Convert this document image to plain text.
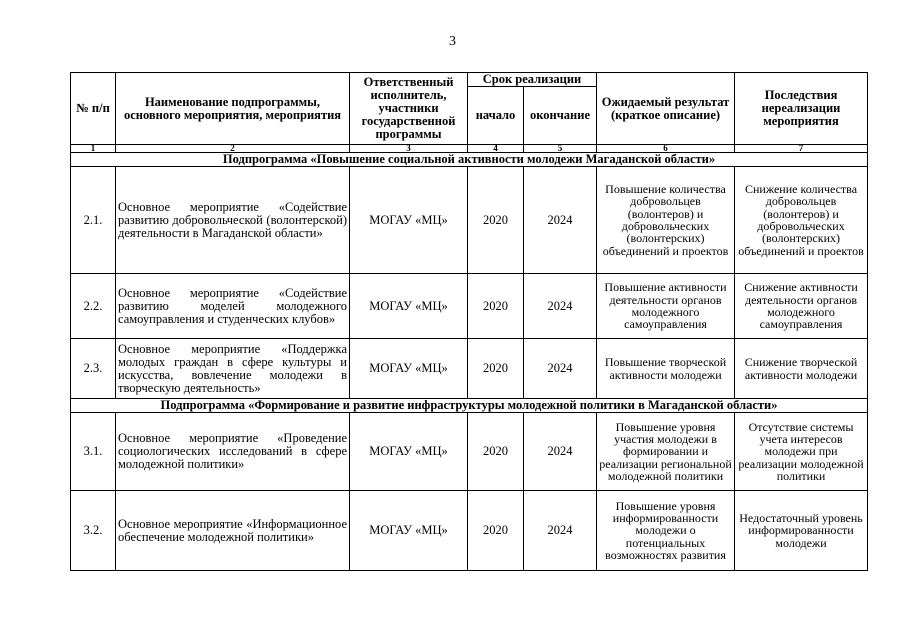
3
№ п/п	Наименование подпрограммы, основного мероприятия, мероприятия	Ответственный исполнитель, участники государственной программы	Срок реализации		Ожидаемый результат (краткое описание)	Последствия нереализации мероприятия
			начало	окончание		
1	2	3	4	5	6	7
Подпрограмма «Повышение социальной активности молодежи Магаданской области»						
2.1.	Основное мероприятие «Содействие развитию добровольческой (волонтерской) деятельности в Магаданской области»	МОГАУ «МЦ»	2020	2024	Повышение количества добровольцев (волонтеров) и добровольческих (волонтерских) объединений и проектов	Снижение количества добровольцев (волонтеров) и добровольческих (волонтерских) объединений и проектов
2.2.	Основное мероприятие «Содействие развитию моделей молодежного самоуправления и студенческих клубов»	МОГАУ «МЦ»	2020	2024	Повышение активности деятельности органов молодежного самоуправления	Снижение активности деятельности органов молодежного самоуправления
2.3.	Основное мероприятие «Поддержка молодых граждан в сфере культуры и искусства, вовлечение молодежи в творческую деятельность»	МОГАУ «МЦ»	2020	2024	Повышение творческой активности молодежи	Снижение творческой активности молодежи
Подпрограмма «Формирование и развитие инфраструктуры молодежной политики в Магаданской области»						
3.1.	Основное мероприятие «Проведение социологических исследований в сфере молодежной политики»	МОГАУ «МЦ»	2020	2024	Повышение уровня участия молодежи в формировании и реализации региональной молодежной политики	Отсутствие системы учета интересов молодежи при реализации молодежной политики
3.2.	Основное мероприятие «Информационное обеспечение молодежной политики»	МОГАУ «МЦ»	2020	2024	Повышение уровня информированности молодежи о потенциальных возможностях развития	Недостаточный уровень информированности молодежи
